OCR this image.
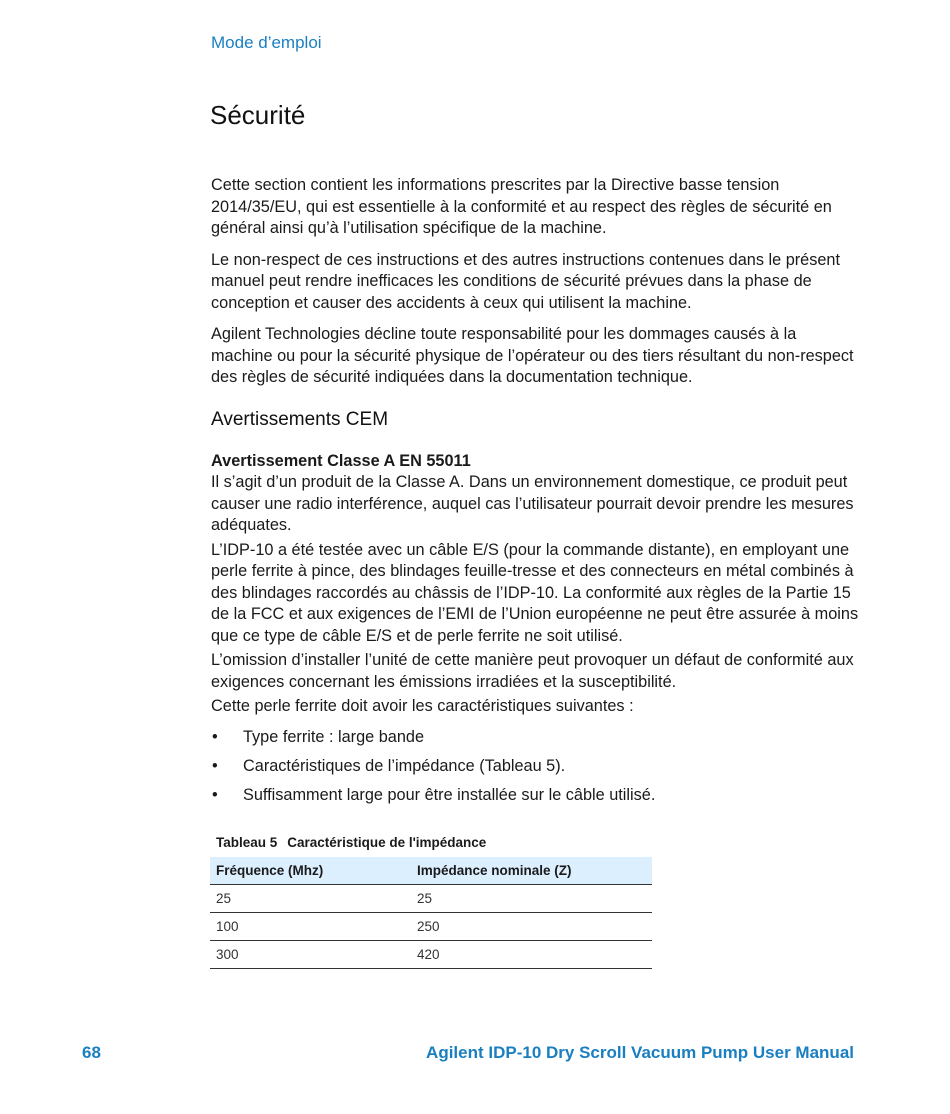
Mode d’emploi
Sécurité

Cette section contient les informations prescrites par la Directive basse tension 2014/35/EU, qui est essentielle à la conformité et au respect des règles de sécurité en général ainsi qu’à l’utilisation spécifique de la machine.

Le non-respect de ces instructions et des autres instructions contenues dans le présent manuel peut rendre inefficaces les conditions de sécurité prévues dans la phase de conception et causer des accidents à ceux qui utilisent la machine.

Agilent Technologies décline toute responsabilité pour les dommages causés à la machine ou pour la sécurité physique de l’opérateur ou des tiers résultant du non-respect des règles de sécurité indiquées dans la documentation technique.

Avertissements CEM
Avertissement Classe A EN 55011

Il s’agit d’un produit de la Classe A. Dans un environnement domestique, ce produit peut causer une radio interférence, auquel cas l’utilisateur pourrait devoir prendre les mesures adéquates.

L’IDP-10 a été testée avec un câble E/S (pour la commande distante), en employant une perle ferrite à pince, des blindages feuille-tresse et des connecteurs en métal combinés à des blindages raccordés au châssis de l’IDP-10. La conformité aux règles de la Partie 15 de la FCC et aux exigences de l’EMI de l’Union européenne ne peut être assurée à moins que ce type de câble E/S et de perle ferrite ne soit utilisé.

L’omission d’installer l’unité de cette manière peut provoquer un défaut de conformité aux exigences concernant les émissions irradiées et la susceptibilité.

Cette perle ferrite doit avoir les caractéristiques suivantes :

• Type ferrite : large bande
• Caractéristiques de l’impédance (Tableau 5).
• Suffisamment large pour être installée sur le câble utilisé.
Tableau 5 Caractéristique de l'impédance
Fréquence (Mhz)	Impédance nominale (Z)
25	25
100	250
300	420
68	Agilent IDP-10 Dry Scroll Vacuum Pump User Manual
